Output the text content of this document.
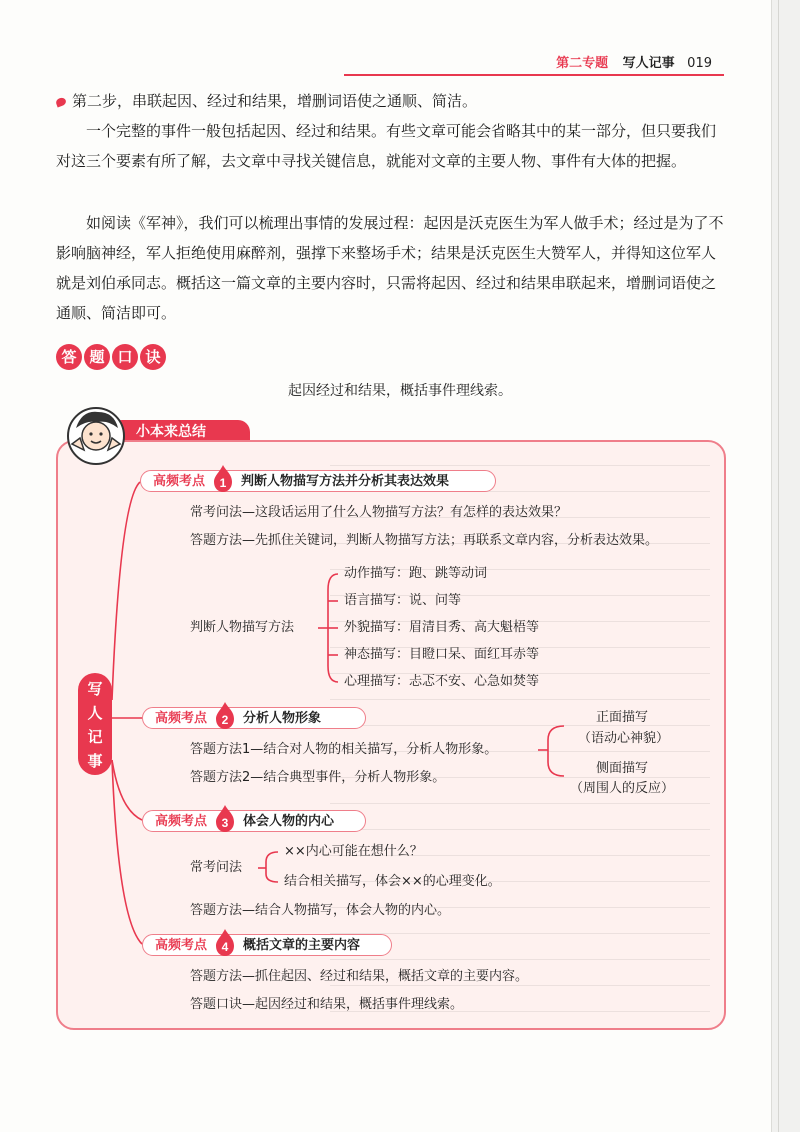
第二专题 写人记事 019

第二步，串联起因、经过和结果，增删词语使之通顺、简洁。

一个完整的事件一般包括起因、经过和结果。有些文章可能会省略其中的某一部分，但只要我们对这三个要素有所了解，去文章中寻找关键信息，就能对文章的主要人物、事件有大体的把握。

如阅读《军神》，我们可以梳理出事情的发展过程：起因是沃克医生为军人做手术；经过是为了不影响脑神经，军人拒绝使用麻醉剂，强撑下来整场手术；结果是沃克医生大赞军人，并得知这位军人就是刘伯承同志。概括这一篇文章的主要内容时，只需将起因、经过和结果串联起来，增删词语使之通顺、简洁即可。

答 题 口 诀
起因经过和结果，概括事件理线索。
小本来总结
写
人
记
事
高频考点	判断人物描写方法并分析其表达效果
1
常考问法—这段话运用了什么人物描写方法？有怎样的表达效果？
答题方法—先抓住关键词，判断人物描写方法；再联系文章内容，分析表达效果。
判断人物描写方法
动作描写：跑、跳等动词
语言描写：说、问等
外貌描写：眉清目秀、高大魁梧等
神态描写：目瞪口呆、面红耳赤等
心理描写：忐忑不安、心急如焚等
高频考点	分析人物形象
2
答题方法1—结合对人物的相关描写，分析人物形象。
答题方法2—结合典型事件，分析人物形象。
正面描写
（语动心神貌）
侧面描写
（周围人的反应）
高频考点	体会人物的内心
3
常考问法
××内心可能在想什么？
结合相关描写，体会××的心理变化。
答题方法—结合人物描写，体会人物的内心。
高频考点	概括文章的主要内容
4
答题方法—抓住起因、经过和结果，概括文章的主要内容。
答题口诀—起因经过和结果，概括事件理线索。
